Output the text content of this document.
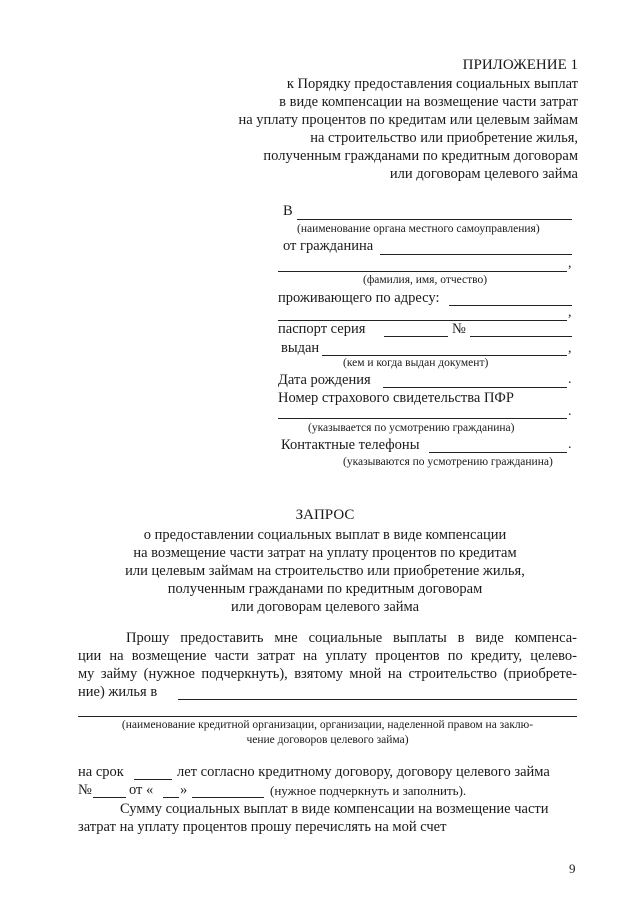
ПРИЛОЖЕНИЕ 1
к Порядку предоставления социальных выплат
в виде компенсации на возмещение части затрат
на уплату процентов по кредитам или целевым займам
на строительство или приобретение жилья,
полученным гражданами по кредитным договорам
или договорам целевого займа
В
(наименование органа местного самоуправления)
от гражданина
,
(фамилия, имя, отчество)
проживающего по адресу:
,
паспорт серия	№
выдан	,
(кем и когда выдан документ)
Дата рождения	.
Номер страхового свидетельства ПФР
.
(указывается по усмотрению гражданина)
Контактные телефоны	.
(указываются по усмотрению гражданина)
ЗАПРОС
о предоставлении социальных выплат в виде компенсации
на возмещение части затрат на уплату процентов по кредитам
или целевым займам на строительство или приобретение жилья,
полученным гражданами по кредитным договорам
или договорам целевого займа
Прошу предоставить мне социальные выплаты в виде компенса-
ции на возмещение части затрат на уплату процентов по кредиту, целево-
му займу (нужное подчеркнуть), взятому мной на строительство (приобрете-
ние) жилья в
(наименование кредитной организации, организации, наделенной правом на заклю-
чение договоров целевого займа)
на срок	лет согласно кредитному договору, договору целевого займа
№	от « »	(нужное подчеркнуть и заполнить).
Сумму социальных выплат в виде компенсации на возмещение части
затрат на уплату процентов прошу перечислять на мой счет
9
